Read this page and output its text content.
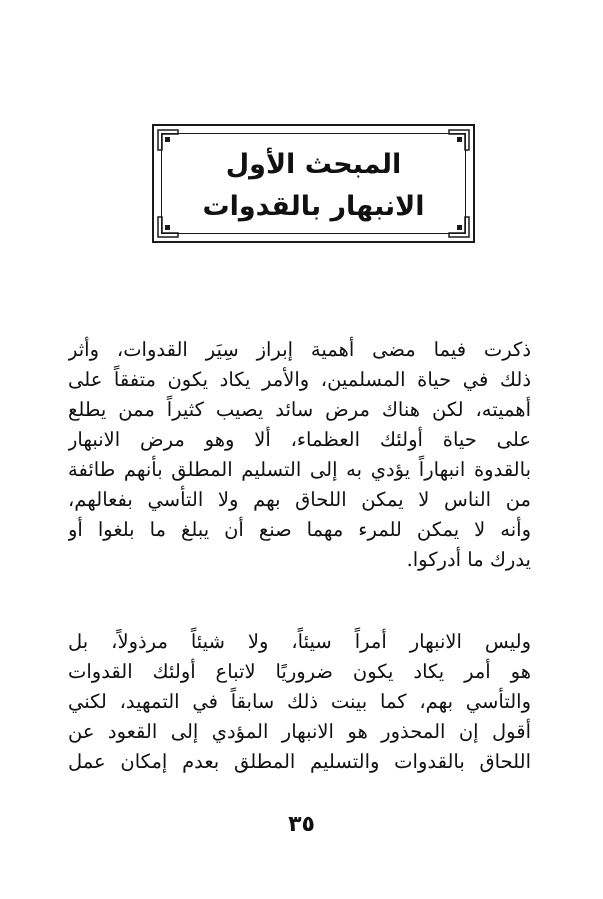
المبحث الأول
الانبهار بالقدوات
ذكرت فيما مضى أهمية إبراز سِيَر القدوات، وأثر
ذلك في حياة المسلمين، والأمر يكاد يكون متفقاً على
أهميته، لكن هناك مرض سائد يصيب كثيراً ممن يطلع
على حياة أولئك العظماء، ألا وهو مرض الانبهار
بالقدوة انبهاراً يؤدي به إلى التسليم المطلق بأنهم طائفة
من الناس لا يمكن اللحاق بهم ولا التأسي بفعالهم،
وأنه لا يمكن للمرء مهما صنع أن يبلغ ما بلغوا أو
يدرك ما أدركوا.
وليس الانبهار أمراً سيئاً، ولا شيئاً مرذولاً، بل
هو أمر يكاد يكون ضروريًا لاتباع أولئك القدوات
والتأسي بهم، كما بينت ذلك سابقاً في التمهيد، لكني
أقول إن المحذور هو الانبهار المؤدي إلى القعود عن
اللحاق بالقدوات والتسليم المطلق بعدم إمكان عمل
٣٥
